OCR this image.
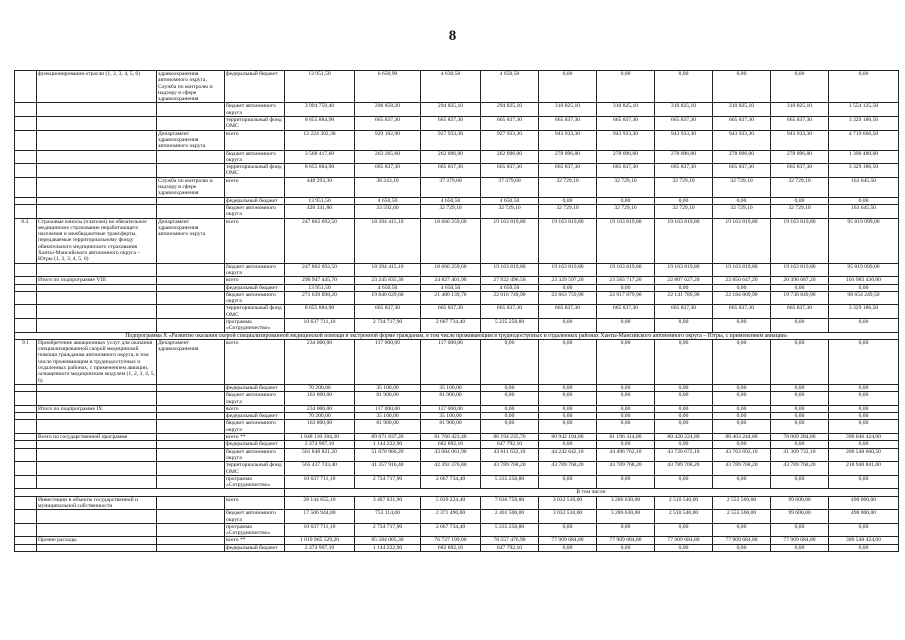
8
	функционирования отрасли (1, 2, 3, 4, 5, 6)	здравоохранения автономного округа, Служба по контролю и надзору в сфере здравоохранения	федеральный бюджет	13 951,50	6 650,90	4 630,50	4 650,50	0,00	0,00	0,00	0,00	0,00	0,00
			бюджет автономного округа	3 994 759,40	296 858,20	294 825,10	294 825,10	310 825,10	310 825,10	310 825,10	310 825,10	310 825,10	1 554 125,50
			территориальный фонд ОМС	8 655 884,90	665 837,30	665 837,30	665 837,30	665 837,30	665 837,30	665 837,30	665 837,30	665 837,30	3 329 186,50
		Департамент здравоохранения автономного округа	всего	12 224 302,30	929 102,90	927 933,30	927 933,30	943 933,30	943 933,30	943 933,30	943 933,30	943 933,30	4 719 666,50
			бюджет автономного округа	3 568 417,60	263 265,60	262 096,00	262 096,00	278 096,00	278 096,00	278 096,00	278 096,00	278 096,00	1 390 480,00
			территориальный фонд ОМС	8 655 884,90	665 837,30	665 837,30	665 837,30	665 837,30	665 837,30	665 837,30	665 837,30	665 837,30	3 329 186,50
		Служба по контролю и надзору в сфере здравоохранения	всего	440 293,30	38 243,10	37 379,60	37 379,60	32 729,10	32 729,10	32 729,10	32 729,10	32 729,10	163 645,50
			федеральный бюджет	13 951,50	4 650,50	4 650,50	4 650,50	0,00	0,00	0,00	0,00	0,00	0,00
			бюджет автономного округа	426 341,80	33 592,60	32 729,10	32 729,10	32 729,10	32 729,10	32 729,10	32 729,10	32 729,10	163 645,50
8.3.	Страховые взносы (платежи) на обязательное медицинское страхование неработающего населения и межбюджетные трансферты, передаваемые территориальному фонду обязательного медицинского страхования Ханты-Мансийского автономного округа – Югры (1, 2, 3, 4, 5, 6)	Департамент здравоохранения автономного округа	всего	247 862 692,50	18 394 415,10	18 666 259,60	19 163 819,80	19 163 819,80	19 163 819,80	19 163 819,80	19 163 819,80	19 163 819,80	95 819 099,00
			бюджет автономного округа	247 862 692,50	18 394 415,10	18 666 259,60	19 163 819,80	19 163 819,80	19 163 819,80	19 163 819,80	19 163 819,80	19 163 819,80	95 819 099,00
	Итого по подпрограмме VIII		всего	290 947 445,70	23 245 835,30	24 827 401,90	27 922 496,50	23 329 597,20	23 583 717,20	22 807 627,20	22 850 647,20	20 396 687,20	101 983 436,00
			федеральный бюджет	13 951,50	4 650,50	4 650,50	4 650,50	0,00	0,00	0,00	0,00	0,00	0,00
			бюджет автономного округа	271 639 898,20	19 840 629,60	21 480 139,70	22 016 749,90	22 663 759,90	22 917 879,90	22 141 789,90	22 184 809,90	19 730 849,90	98 654 249,50
			территориальный фонд ОМС	8 655 884,90	665 837,30	665 837,30	665 837,30	665 837,30	665 837,30	665 837,30	665 837,30	665 837,30	3 329 186,50
			программа «Сотрудничество»	10 637 711,10	2 734 717,90	2 667 734,40	5 235 258,80	0,00	0,00	0,00	0,00	0,00	0,00
Подпрограмма X «Развитие оказания скорой специализированной медицинской помощи в экстренной форме гражданам, в том числе проживающим в труднодоступных и отдаленных районах Ханты-Мансийского автономного округа – Югры, с применением авиации»													
9.1	Приобретение авиационных услуг для оказания специализированной скорой медицинской помощи гражданам автономного округа, в том числе проживающим в труднодоступных и отдаленных районах, с применением авиации, оснащенного медицинским модулем (1, 2, 3, 4, 5, 6)	Департамент здравоохранения	всего	234 000,00	117 000,00	117 000,00	0,00	0,00	0,00	0,00	0,00	0,00	0,00
			федеральный бюджет	70 200,00	35 100,00	35 100,00	0,00	0,00	0,00	0,00	0,00	0,00	0,00
			бюджет автономного округа	163 800,00	81 900,00	81 900,00	0,00	0,00	0,00	0,00	0,00	0,00	0,00
	Итого по подпрограмме IX		всего	234 000,00	117 000,00	117 000,00	0,00	0,00	0,00	0,00	0,00	0,00	0,00
			федеральный бюджет	70 200,00	35 100,00	35 100,00	0,00	0,00	0,00	0,00	0,00	0,00	0,00
			бюджет автономного округа	163 800,00	81 900,00	81 900,00	0,00	0,00	0,00	0,00	0,00	0,00	0,00
	Всего по государственной программе		всего **	1 048 110 184,30	89 071 837,20	81 766 423,40	86 194 235,70	80 942 194,80	81 196 314,80	80 420 224,80	80 463 244,80	78 009 284,80	390 046 424,00
			федеральный бюджет	2 474 907,10	1 144 222,90	682 892,10	647 792,10	0,00	0,00	0,00	0,00	0,00	0,00
			бюджет автономного округа	561 848 821,20	51 070 966,20	43 084 061,90	43 611 632,10	44 242 642,10	44 496 762,10	43 720 672,10	43 763 692,10	41 309 732,10	206 548 660,50
			территориальный фонд ОМС	565 437 743,40	41 357 916,40	42 392 376,80	43 789 768,20	43 789 768,20	43 789 768,20	43 789 768,20	43 789 768,20	43 789 768,20	218 948 841,00
			программа «Сотрудничество»	10 637 711,10	2 734 717,90	2 667 734,40	5 235 258,80	0,00	0,00	0,00	0,00	0,00	0,00
				В том числе:									
	Инвестиции в объекты государственной и муниципальной собственности		всего	28 144 655,10	3 487 831,90	5 039 224,40	7 636 758,80	3 032 510,00	3 286 630,00	2 510 540,00	2 553 560,00	99 600,00	498 000,00
			бюджет автономного округа	17 506 944,00	753 114,00	2 371 490,00	2 401 500,00	3 032 510,00	3 286 630,00	2 510 540,00	2 553 560,00	99 600,00	498 000,00
			программа «Сотрудничество»	10 637 711,10	2 734 717,90	2 667 734,40	5 235 258,80	0,00	0,00	0,00	0,00	0,00	0,00
	Прочие расходы		всего **	1 019 965 529,20	85 584 005,30	76 727 199,00	78 557 476,90	77 909 684,80	77 909 684,80	77 909 684,80	77 909 684,80	77 909 684,80	389 548 424,00
			федеральный бюджет	2 474 907,10	1 144 222,90	682 892,10	647 792,10	0,00	0,00	0,00	0,00	0,00	0,00
